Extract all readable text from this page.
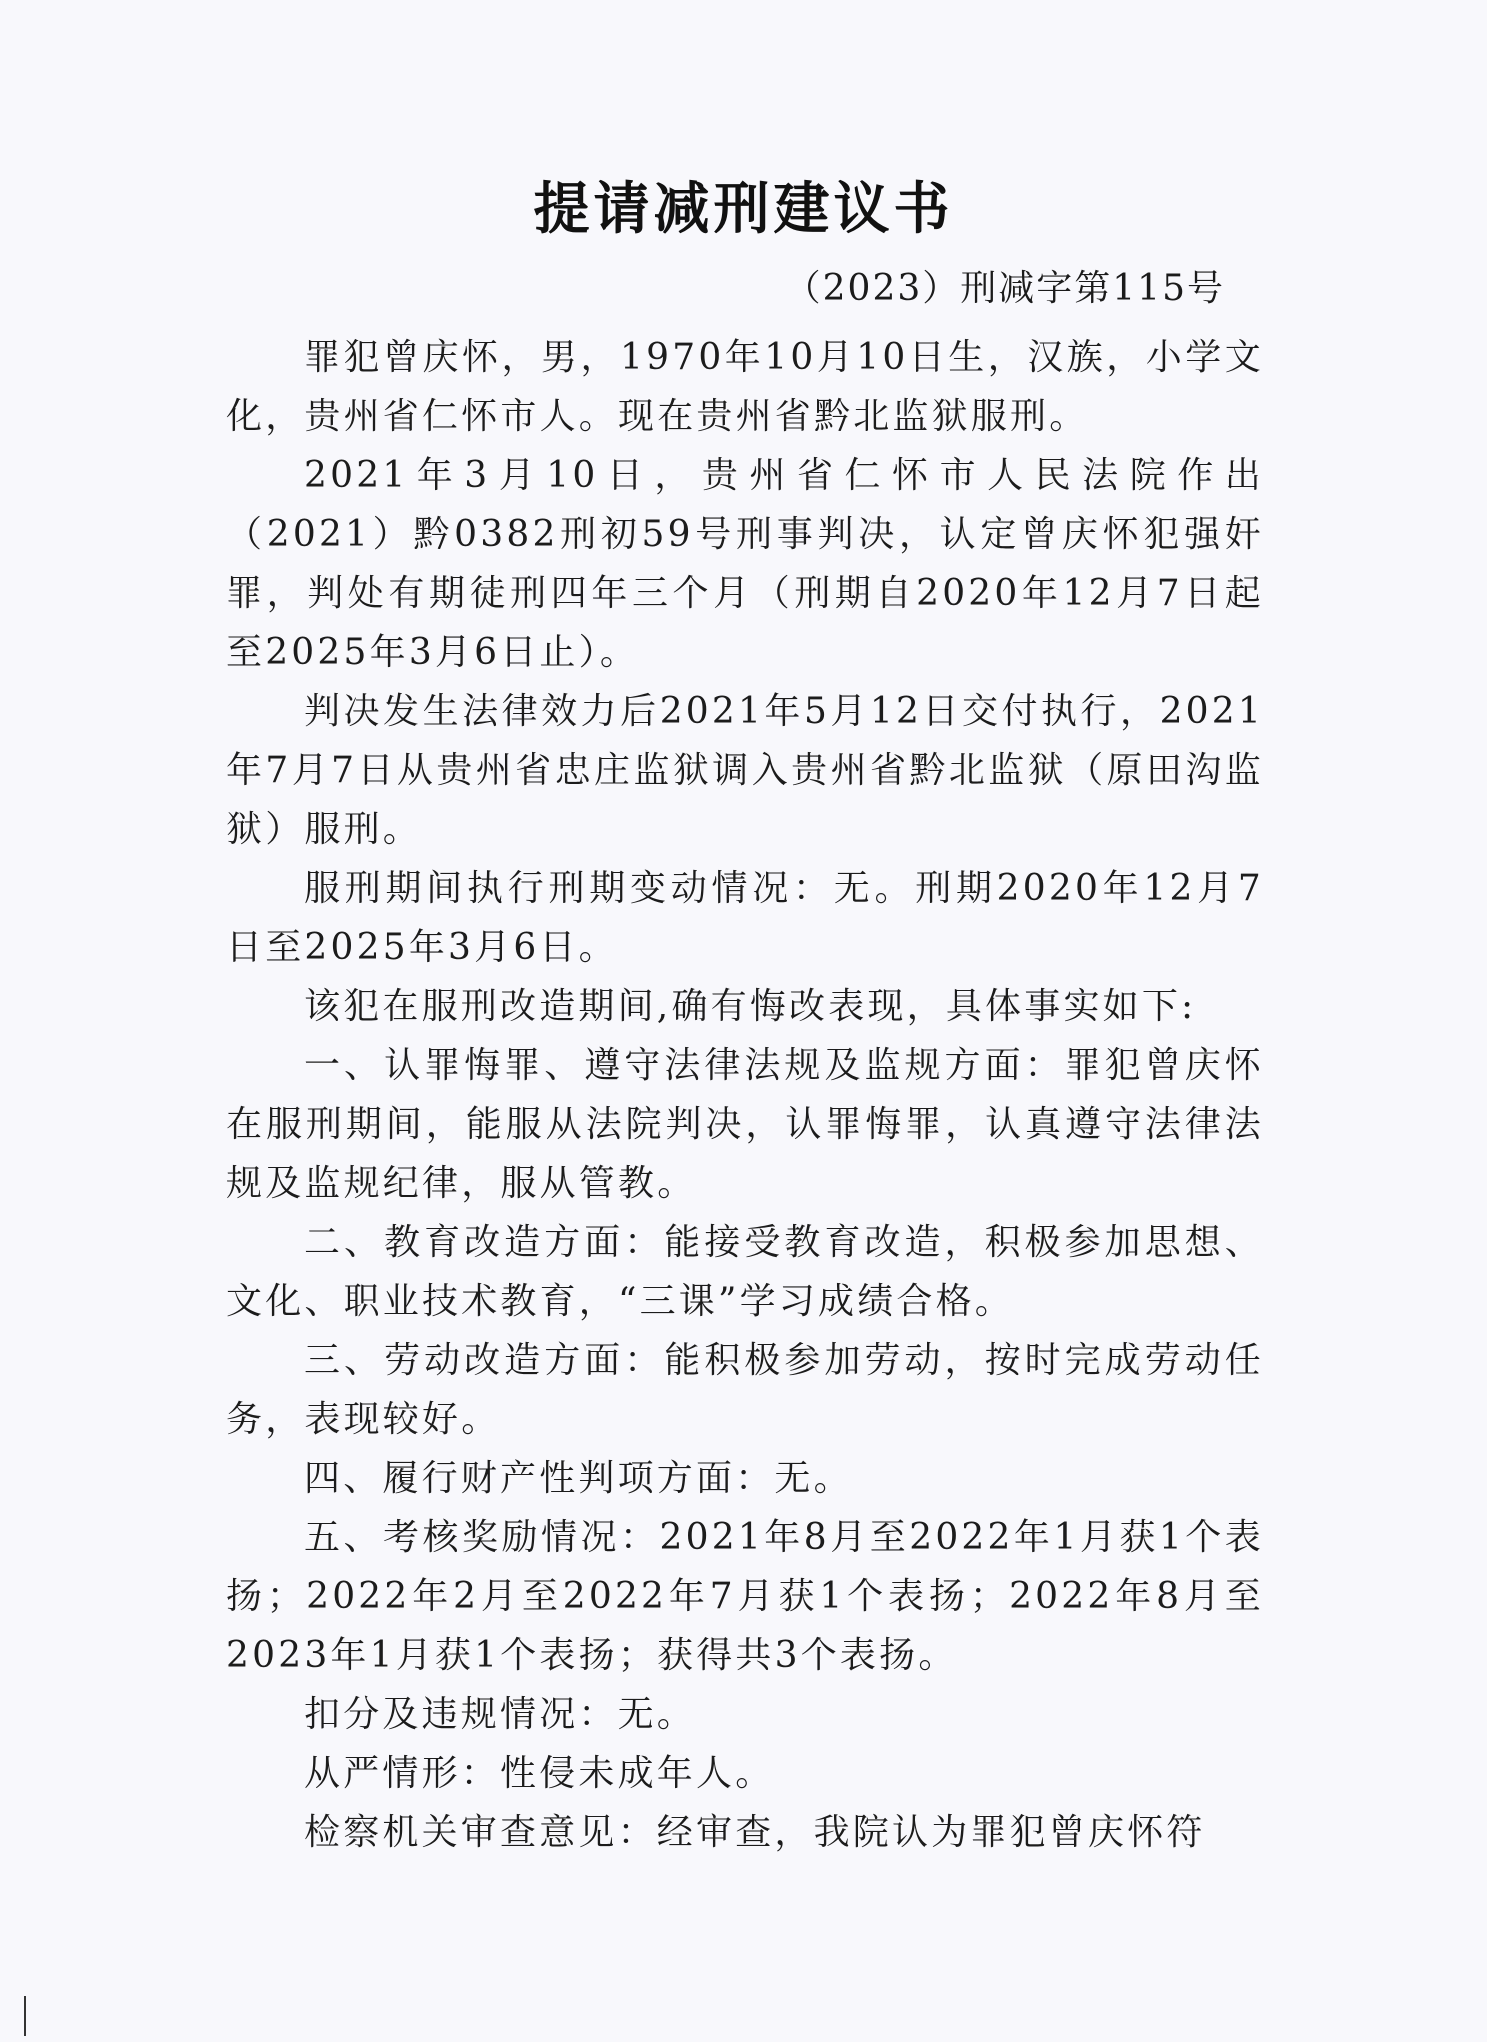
提请减刑建议书
（2023）刑减字第115号

罪犯曾庆怀，男，1970年10月10日生，汉族，小学文化，贵州省仁怀市人。现在贵州省黔北监狱服刑。

2021年3月10日，贵州省仁怀市人民法院作出（2021）黔0382刑初59号刑事判决，认定曾庆怀犯强奸罪，判处有期徒刑四年三个月（刑期自2020年12月7日起至2025年3月6日止）。

判决发生法律效力后2021年5月12日交付执行，2021年7月7日从贵州省忠庄监狱调入贵州省黔北监狱（原田沟监狱）服刑。

服刑期间执行刑期变动情况：无。刑期2020年12月7日至2025年3月6日。

该犯在服刑改造期间,确有悔改表现，具体事实如下:

一、认罪悔罪、遵守法律法规及监规方面：罪犯曾庆怀在服刑期间，能服从法院判决，认罪悔罪，认真遵守法律法规及监规纪律，服从管教。

二、教育改造方面：能接受教育改造，积极参加思想、文化、职业技术教育，“三课”学习成绩合格。

三、劳动改造方面：能积极参加劳动，按时完成劳动任务，表现较好。

四、履行财产性判项方面：无。

五、考核奖励情况：2021年8月至2022年1月获1个表扬；2022年2月至2022年7月获1个表扬；2022年8月至2023年1月获1个表扬；获得共3个表扬。

扣分及违规情况：无。

从严情形：性侵未成年人。

检察机关审查意见：经审查，我院认为罪犯曾庆怀符
